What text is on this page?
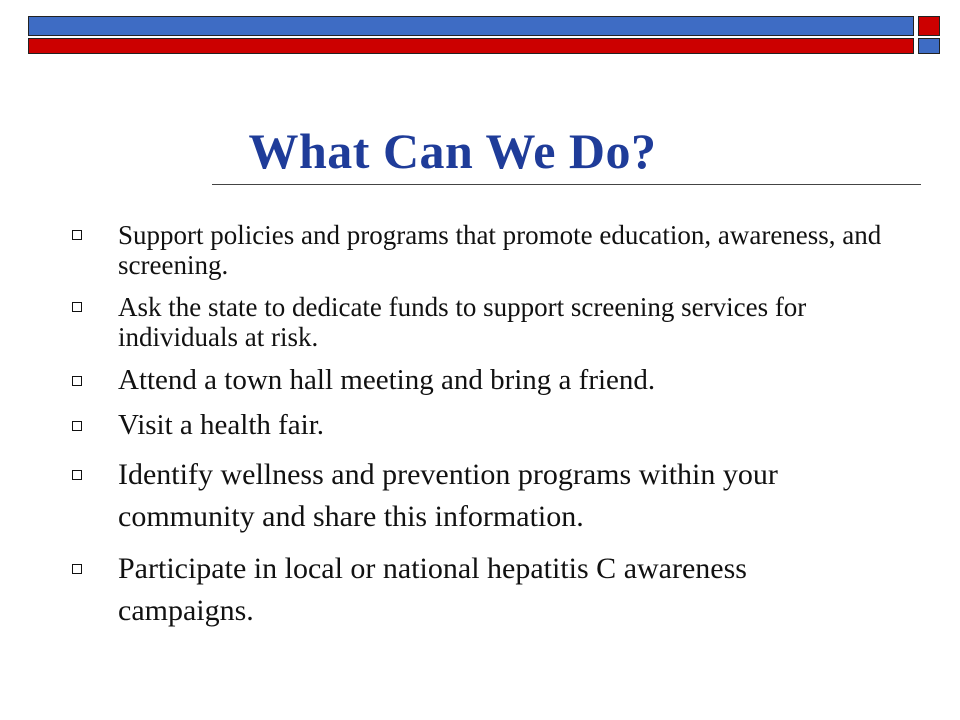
What Can We Do?
Support policies and programs that promote education, awareness, and screening.
Ask the state to dedicate funds to support screening services for individuals at risk.
Attend a town hall meeting and bring a friend.
Visit a health fair.
Identify wellness and prevention programs within your community and share this information.
Participate in local or national hepatitis C awareness campaigns.
